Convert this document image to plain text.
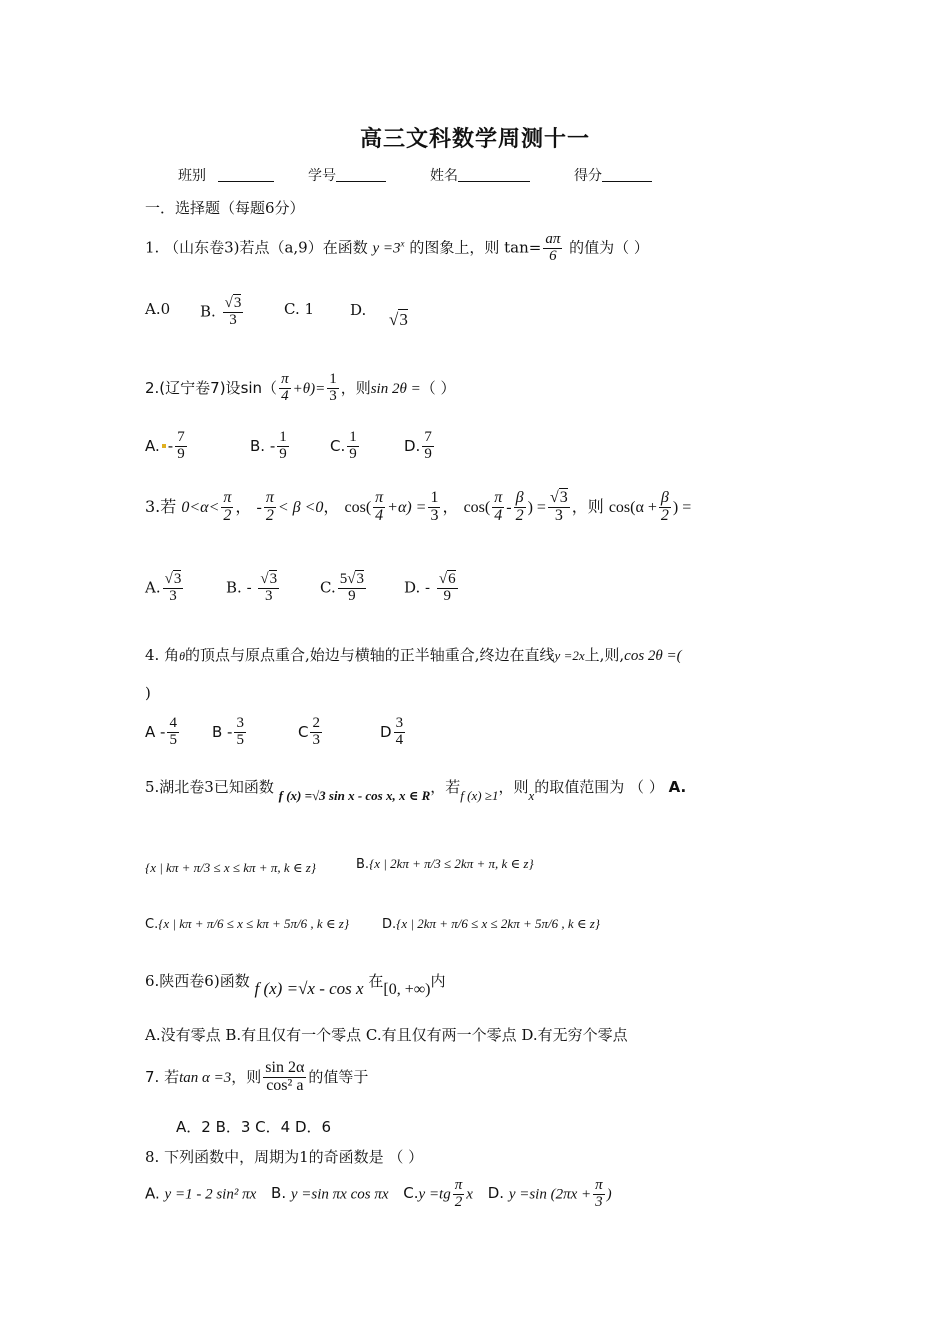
高三文科数学周测十一
班别	学号	姓名	得分
一．选择题（每题6分）
1. （山东卷3)若点（a,9）在函数 $y =3^x$ 的图象上，则 $\tan= \frac{a\pi}{6}$ 的值为（ ）
A.0 B. $\frac{√3}{3}$	C. 1 D. √3
2.(辽宁卷7)设$\sin( \frac{\pi}{4} +\theta)= \frac{1}{3}$ ，则sin 2θ =（ ）
A. - $\frac{7}{9}$	B. - $\frac{1}{9}$	C. $\frac{1}{9}$	D. $\frac{7}{9}$
3.若 $0<\alpha< \frac{\pi}{2}$ ， - $\frac{\pi}{2} < \beta <0$， $\cos( \frac{\pi}{4} +\alpha) = \frac{1}{3}$ ， $\cos( \frac{\pi}{4} - \frac{\beta}{2}$ ) = $\frac{√3}{3}$ ，则 $\cos(\alpha + \frac{\beta}{2}$ ) =
A. $\frac{√3}{3}$	B. - $\frac{√3}{3}$	C. $\frac{5√3}{9}$	D. - $\frac{√6}{9}$
4. 角θ的顶点与原点重合,始边与横轴的正半轴重合,终边在直线y =2x上,则,cos 2θ =(
)
A - $\frac{4}{5}$ B - $\frac{3}{5}$	C $\frac{2}{3}$	D $\frac{3}{4}$
5.湖北卷3已知函数 f (x) =√3 sin x - cos x, x ∈ R，若f (x) ≥1，则x的取值范围为 （ ） A.
{x | kπ + π/3 ≤ x ≤ kπ + π, k ∈ z}	B.{x | 2kπ + π/3 ≤ 2kπ + π, k ∈ z}
C.{x | kπ + π/6 ≤ x ≤ kπ + 5π/6 , k ∈ z}	D.{x | 2kπ + π/6 ≤ x ≤ 2kπ + 5π/6 , k ∈ z}
6.陕西卷6)函数 f (x) =√x - cos x 在[0, +∞)内
A.没有零点 B.有且仅有一个零点 C.有且仅有两一个零点 D.有无穷个零点
7. 若tan α =3，则 $\frac{\sin 2\alpha}{\text{cos² a}}$ 的值等于
A．2 B．3 C．4 D．6
8. 下列函数中，周期为1的奇函数是 （ ）
A. y =1 - 2 sin² πx B. y =sin πx cos πx $C.y =tg \frac{\pi}{2}$ x D. y =sin ($2\pi x + \frac{\pi}{3}$ )
